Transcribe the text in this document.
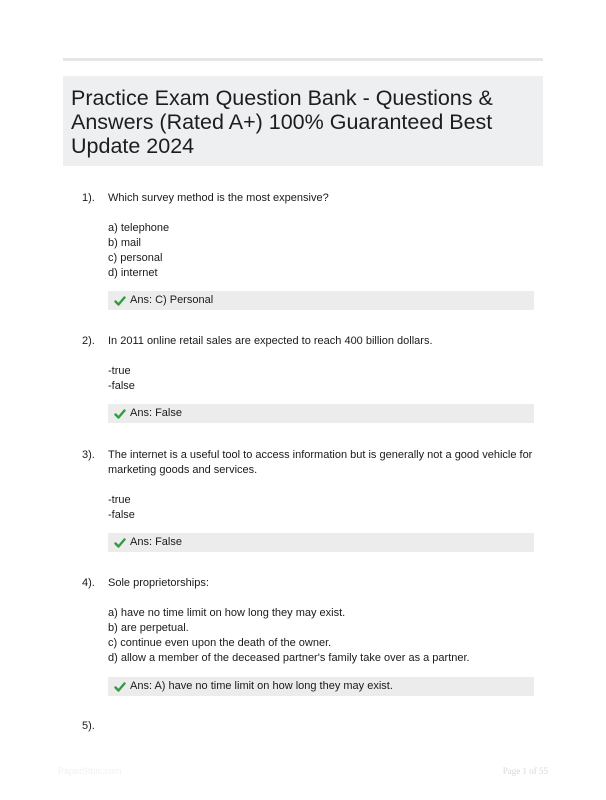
Practice Exam Question Bank - Questions & Answers (Rated A+) 100% Guaranteed Best Update 2024
1). Which survey method is the most expensive?
a) telephone
b) mail
c) personal
d) internet
Ans: C) Personal
2). In 2011 online retail sales are expected to reach 400 billion dollars.
-true
-false
Ans: False
3). The internet is a useful tool to access information but is generally not a good vehicle for marketing goods and services.
-true
-false
Ans: False
4). Sole proprietorships:
a) have no time limit on how long they may exist.
b) are perpetual.
c) continue even upon the death of the owner.
d) allow a member of the deceased partner's family take over as a partner.
Ans: A) have no time limit on how long they may exist.
5).
PaperStbic.com	Page 1 of 55
